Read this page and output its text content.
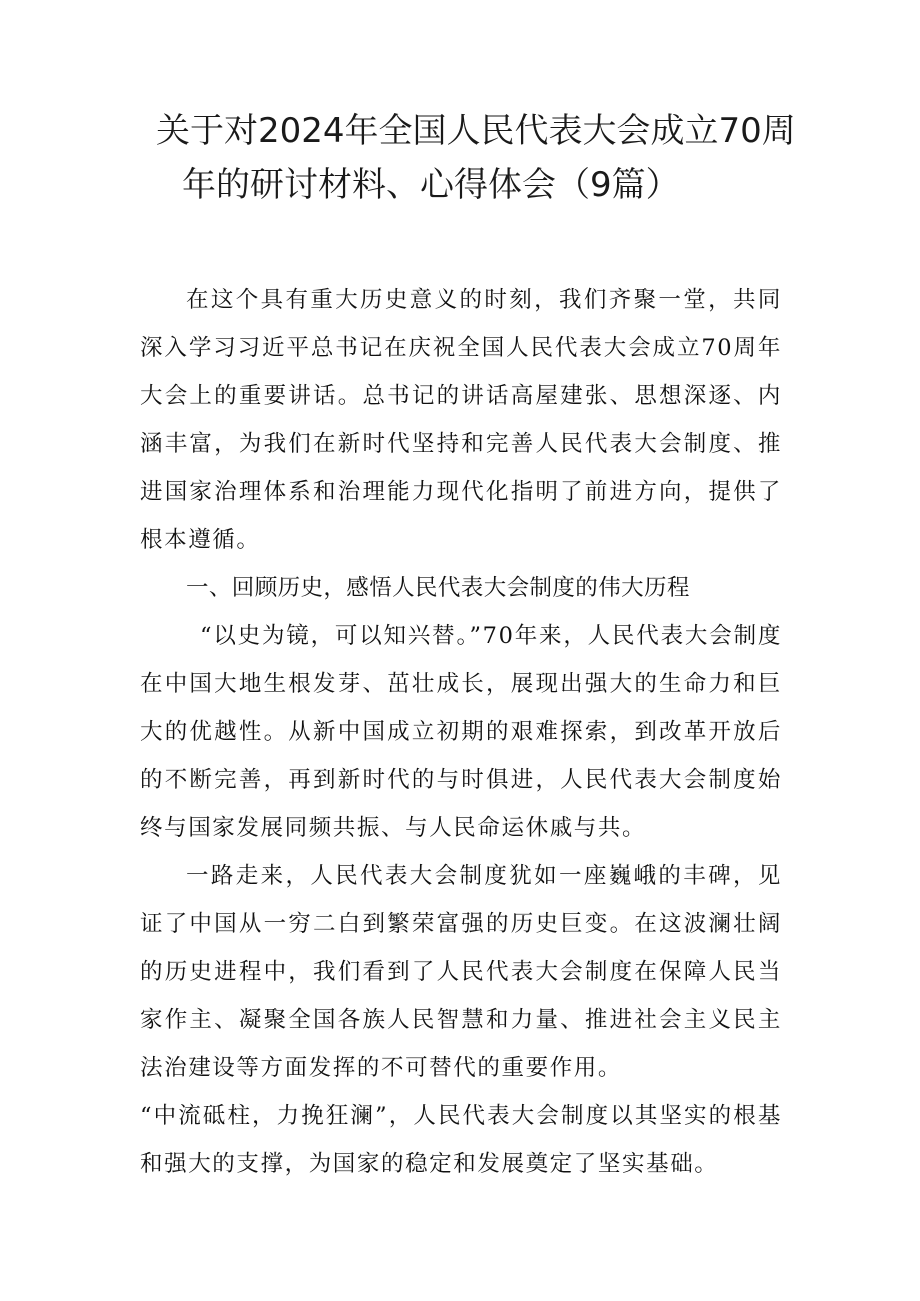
关于对2024年全国人民代表大会成立70周
年的研讨材料、心得体会（9篇）

在这个具有重大历史意义的时刻，我们齐聚一堂，共同深入学习习近平总书记在庆祝全国人民代表大会成立70周年大会上的重要讲话。总书记的讲话高屋建张、思想深逐、内涵丰富，为我们在新时代坚持和完善人民代表大会制度、推进国家治理体系和治理能力现代化指明了前进方向，提供了根本遵循。

一、回顾历史，感悟人民代表大会制度的伟大历程

“以史为镜，可以知兴替。”70年来，人民代表大会制度在中国大地生根发芽、茁壮成长，展现出强大的生命力和巨大的优越性。从新中国成立初期的艰难探索，到改革开放后的不断完善，再到新时代的与时俱进，人民代表大会制度始终与国家发展同频共振、与人民命运休戚与共。

一路走来，人民代表大会制度犹如一座巍峨的丰碑，见证了中国从一穷二白到繁荣富强的历史巨变。在这波澜壮阔的历史进程中，我们看到了人民代表大会制度在保障人民当家作主、凝聚全国各族人民智慧和力量、推进社会主义民主法治建设等方面发挥的不可替代的重要作用。

“中流砥柱，力挽狂澜”，人民代表大会制度以其坚实的根基和强大的支撑，为国家的稳定和发展奠定了坚实基础。
